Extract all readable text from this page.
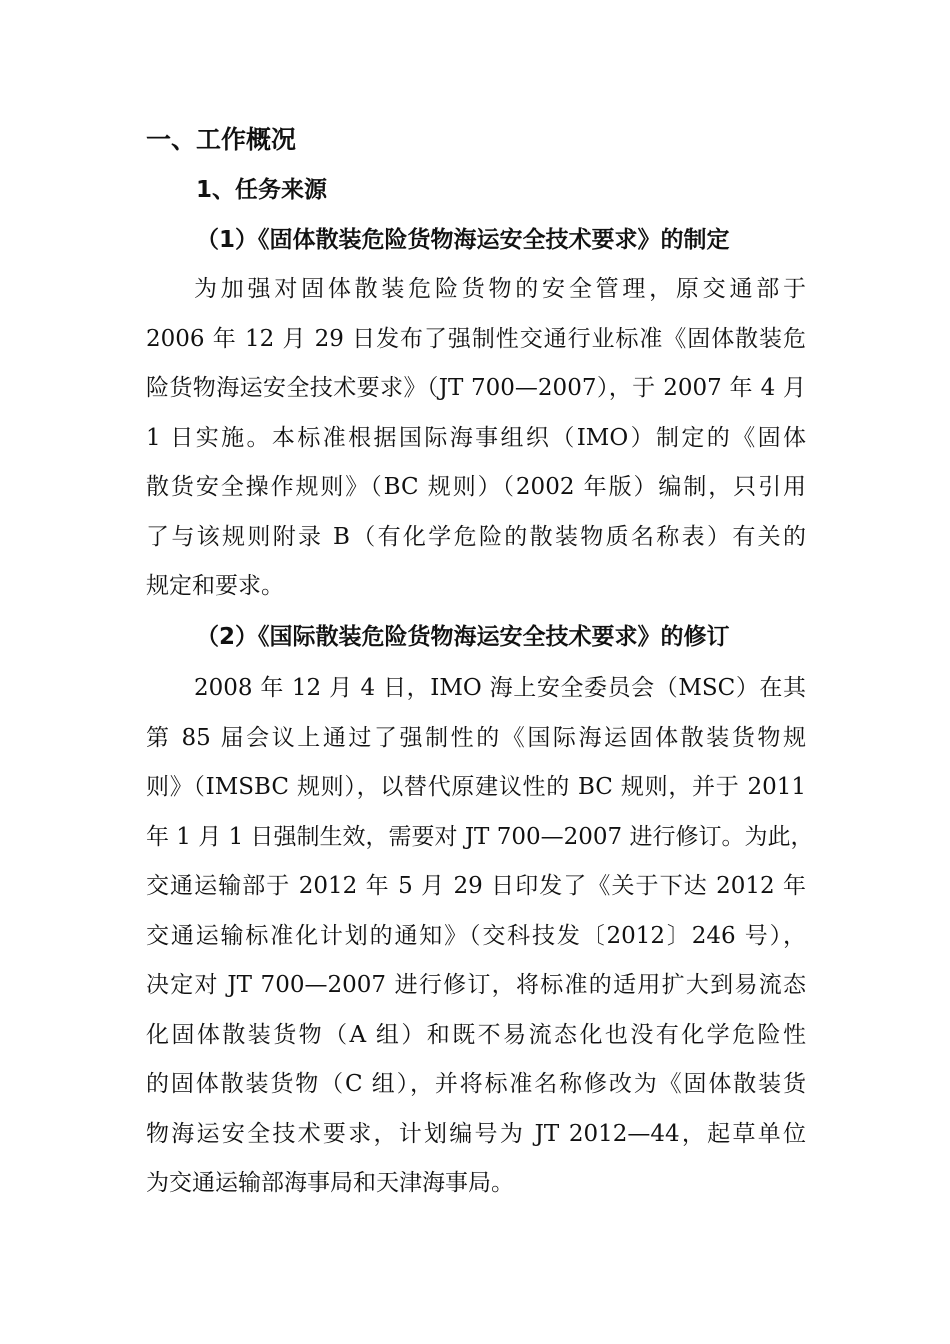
一、工作概况
1、任务来源
（1）《固体散装危险货物海运安全技术要求》的制定
为加强对固体散装危险货物的安全管理，原交通部于
2006 年 12 月 29 日发布了强制性交通行业标准《固体散装危
险货物海运安全技术要求》（JT 700—2007），于 2007 年 4 月
1 日实施。本标准根据国际海事组织（IMO）制定的《固体
散货安全操作规则》（BC 规则）（2002 年版）编制，只引用
了与该规则附录 B（有化学危险的散装物质名称表）有关的
规定和要求。
（2）《国际散装危险货物海运安全技术要求》的修订
2008 年 12 月 4 日，IMO 海上安全委员会（MSC）在其
第 85 届会议上通过了强制性的《国际海运固体散装货物规
则》（IMSBC 规则），以替代原建议性的 BC 规则，并于 2011
年 1 月 1 日强制生效，需要对 JT 700—2007 进行修订。为此，
交通运输部于 2012 年 5 月 29 日印发了《关于下达 2012 年
交通运输标准化计划的通知》（交科技发〔2012〕246 号），
决定对 JT 700—2007 进行修订，将标准的适用扩大到易流态
化固体散装货物（A 组）和既不易流态化也没有化学危险性
的固体散装货物（C 组），并将标准名称修改为《固体散装货
物海运安全技术要求，计划编号为 JT 2012—44，起草单位
为交通运输部海事局和天津海事局。
